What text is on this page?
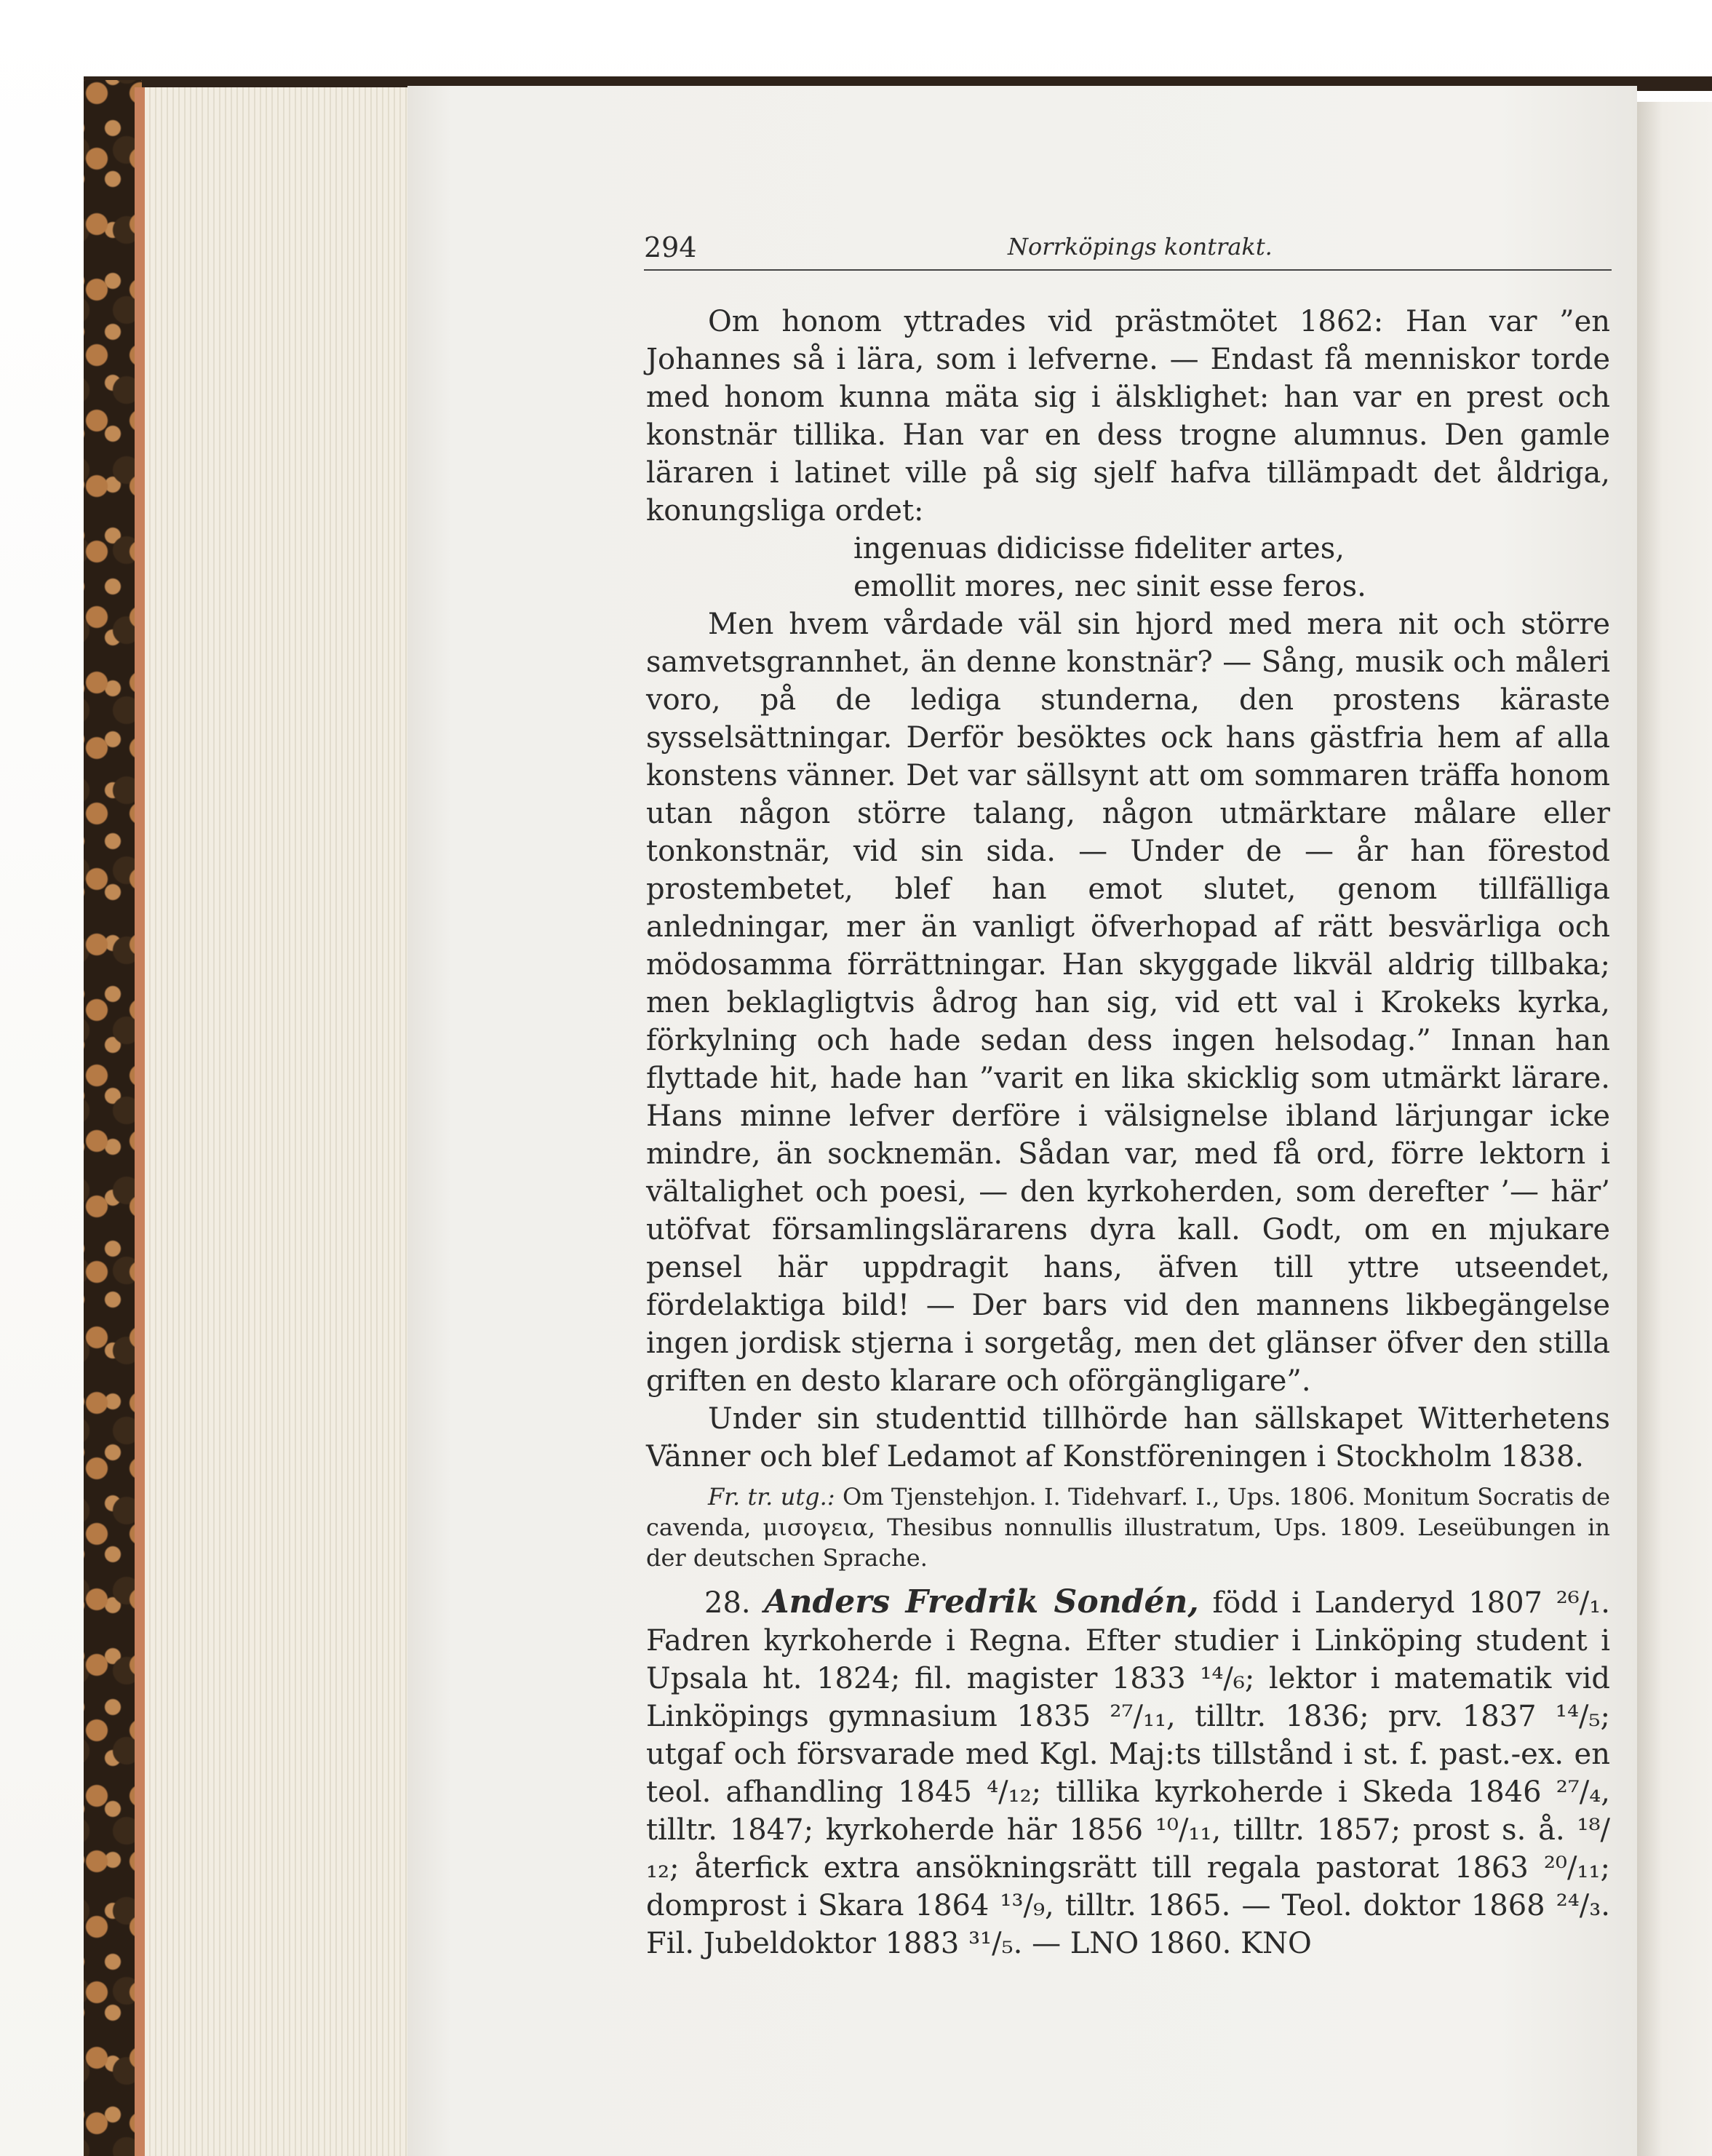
294	Norrköpings kontrakt.

Om honom yttrades vid prästmötet 1862: Han var ”en Johannes så i lära, som i lefverne. — Endast få menniskor torde med honom kunna mäta sig i älsklighet: han var en prest och konstnär tillika. Han var en dess trogne alumnus. Den gamle läraren i latinet ville på sig sjelf hafva tillämpadt det åldriga, konungsliga ordet:

ingenuas didicisse fideliter artes,

emollit mores, nec sinit esse feros.

Men hvem vårdade väl sin hjord med mera nit och större samvetsgrannhet, än denne konstnär? — Sång, musik och måleri voro, på de lediga stunderna, den prostens käraste sysselsättningar. Derför besöktes ock hans gästfria hem af alla konstens vänner. Det var sällsynt att om sommaren träffa honom utan någon större talang, någon utmärktare målare eller tonkonstnär, vid sin sida. — Under de — år han förestod prostembetet, blef han emot slutet, genom tillfälliga anledningar, mer än vanligt öfverhopad af rätt besvärliga och mödosamma förrättningar. Han skyggade likväl aldrig tillbaka; men beklagligtvis ådrog han sig, vid ett val i Krokeks kyrka, förkylning och hade sedan dess ingen helsodag.” Innan han flyttade hit, hade han ”varit en lika skicklig som utmärkt lärare. Hans minne lefver derföre i välsignelse ibland lärjungar icke mindre, än socknemän. Sådan var, med få ord, förre lektorn i vältalighet och poesi, — den kyrkoherden, som derefter ’— här’ utöfvat församlingslärarens dyra kall. Godt, om en mjukare pensel här uppdragit hans, äfven till yttre utseendet, fördelaktiga bild! — Der bars vid den mannens likbegängelse ingen jordisk stjerna i sorgetåg, men det glänser öfver den stilla griften en desto klarare och oförgängligare”.

Under sin studenttid tillhörde han sällskapet Witterhetens Vänner och blef Ledamot af Konstföreningen i Stockholm 1838.

Fr. tr. utg.: Om Tjenstehjon. I. Tidehvarf. I., Ups. 1806. Monitum Socratis de cavenda, μισογεια, Thesibus nonnullis illustratum, Ups. 1809. Leseübungen in der deutschen Sprache.

28. Anders Fredrik Sondén, född i Landeryd 1807 ²⁶/₁. Fadren kyrkoherde i Regna. Efter studier i Linköping student i Upsala ht. 1824; fil. magister 1833 ¹⁴/₆; lektor i matematik vid Linköpings gymnasium 1835 ²⁷/₁₁, tilltr. 1836; prv. 1837 ¹⁴/₅; utgaf och försvarade med Kgl. Maj:ts tillstånd i st. f. past.-ex. en teol. afhandling 1845 ⁴/₁₂; tillika kyrkoherde i Skeda 1846 ²⁷/₄, tilltr. 1847; kyrkoherde här 1856 ¹⁰/₁₁, tilltr. 1857; prost s. å. ¹⁸/₁₂; återfick extra ansökningsrätt till regala pastorat 1863 ²⁰/₁₁; domprost i Skara 1864 ¹³/₉, tilltr. 1865. — Teol. doktor 1868 ²⁴/₃. Fil. Jubeldoktor 1883 ³¹/₅. — LNO 1860. KNO
